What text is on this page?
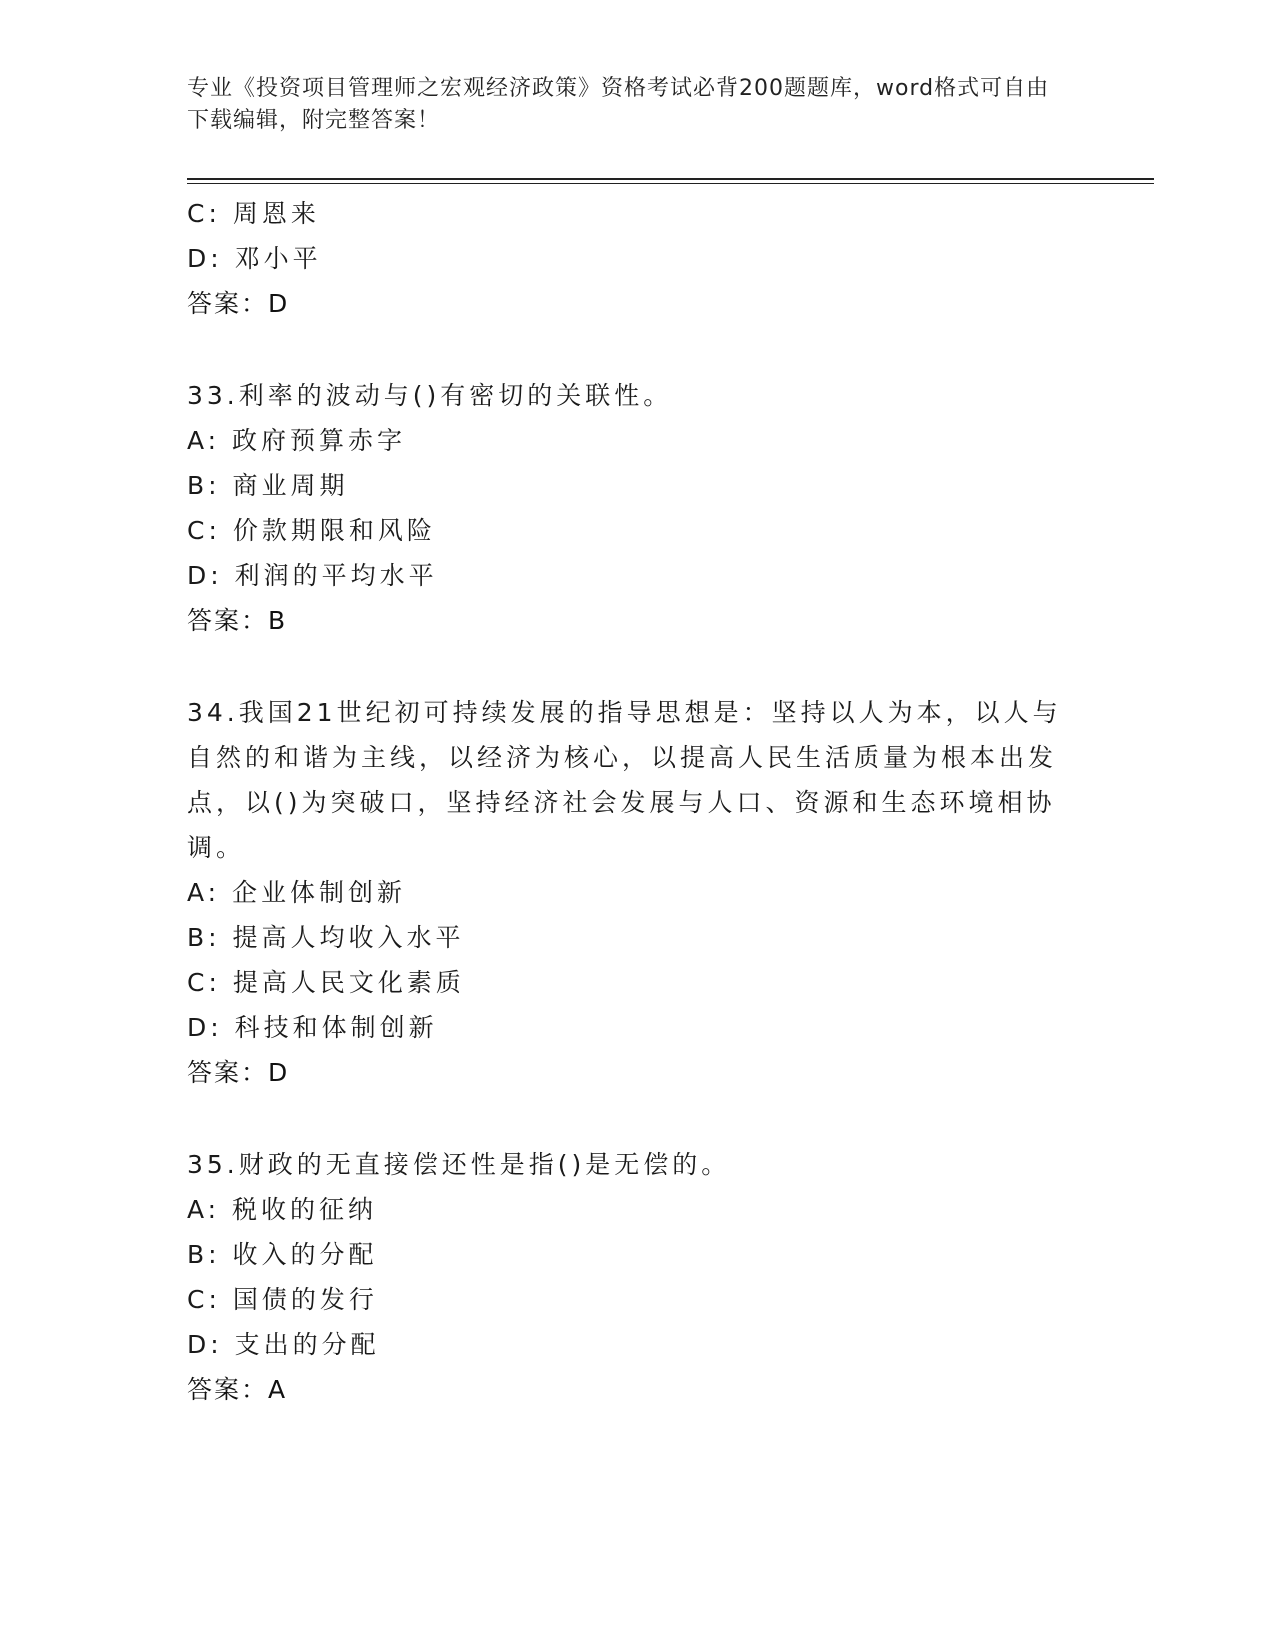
专业《投资项目管理师之宏观经济政策》资格考试必背200题题库，word格式可自由下载编辑，附完整答案！
C: 周恩来
D: 邓小平
答案：D
33.利率的波动与()有密切的关联性。
A: 政府预算赤字
B: 商业周期
C: 价款期限和风险
D: 利润的平均水平
答案：B
34.我国21世纪初可持续发展的指导思想是：坚持以人为本，以人与自然的和谐为主线，以经济为核心，以提高人民生活质量为根本出发点，以()为突破口，坚持经济社会发展与人口、资源和生态环境相协调。
A: 企业体制创新
B: 提高人均收入水平
C: 提高人民文化素质
D: 科技和体制创新
答案：D
35.财政的无直接偿还性是指()是无偿的。
A: 税收的征纳
B: 收入的分配
C: 国债的发行
D: 支出的分配
答案：A
